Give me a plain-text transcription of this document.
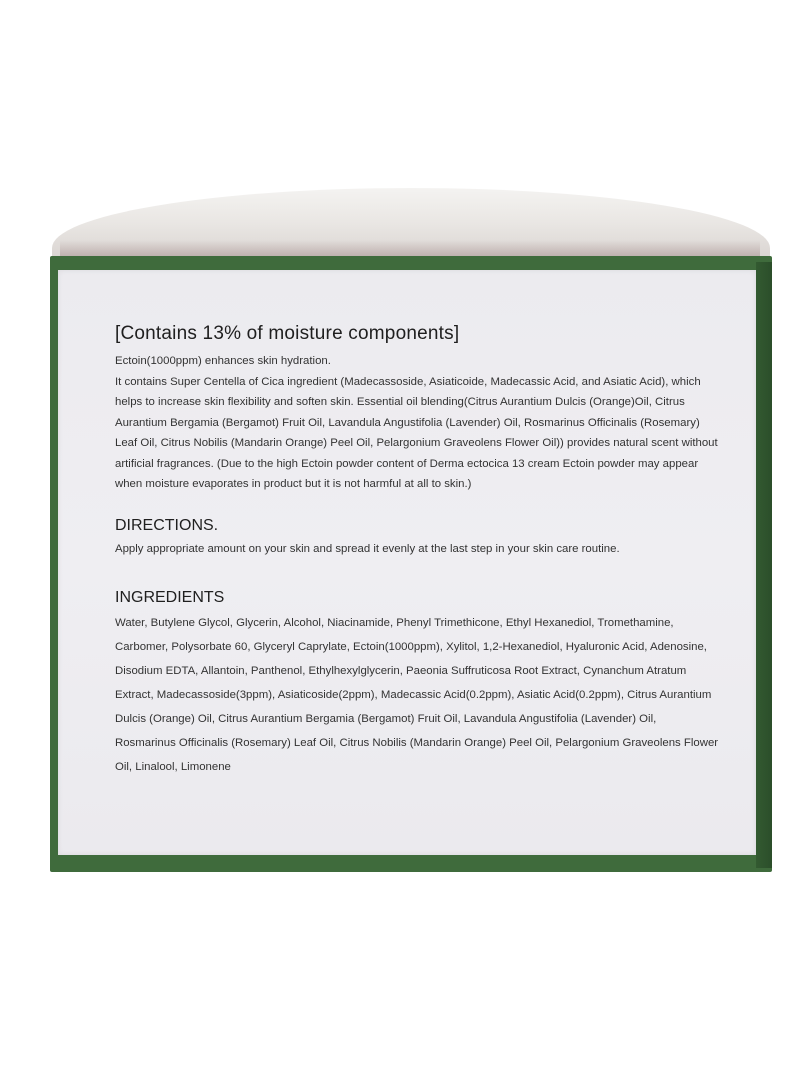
[Contains 13% of moisture components]

Ectoin(1000ppm) enhances skin hydration.

It contains Super Centella of Cica ingredient (Madecassoside, Asiaticoide, Madecassic Acid, and Asiatic Acid), which helps to increase skin flexibility and soften skin. Essential oil blending(Citrus Aurantium Dulcis (Orange)Oil, Citrus Aurantium Bergamia (Bergamot) Fruit Oil, Lavandula Angustifolia (Lavender) Oil, Rosmarinus Officinalis (Rosemary) Leaf Oil, Citrus Nobilis (Mandarin Orange) Peel Oil, Pelargonium Graveolens Flower Oil)) provides natural scent without artificial fragrances. (Due to the high Ectoin powder content of Derma ectocica 13 cream Ectoin powder may appear when moisture evaporates in product but it is not harmful at all to skin.)

DIRECTIONS.

Apply appropriate amount on your skin and spread it evenly at the last step in your skin care routine.

INGREDIENTS

Water, Butylene Glycol, Glycerin, Alcohol, Niacinamide, Phenyl Trimethicone, Ethyl Hexanediol, Tromethamine, Carbomer, Polysorbate 60, Glyceryl Caprylate, Ectoin(1000ppm), Xylitol, 1,2-Hexanediol, Hyaluronic Acid, Adenosine, Disodium EDTA, Allantoin, Panthenol, Ethylhexylglycerin, Paeonia Suffruticosa Root Extract, Cynanchum Atratum Extract, Madecassoside(3ppm), Asiaticoside(2ppm), Madecassic Acid(0.2ppm), Asiatic Acid(0.2ppm), Citrus Aurantium Dulcis (Orange) Oil, Citrus Aurantium Bergamia (Bergamot) Fruit Oil, Lavandula Angustifolia (Lavender) Oil, Rosmarinus Officinalis (Rosemary) Leaf Oil, Citrus Nobilis (Mandarin Orange) Peel Oil, Pelargonium Graveolens Flower Oil, Linalool, Limonene
